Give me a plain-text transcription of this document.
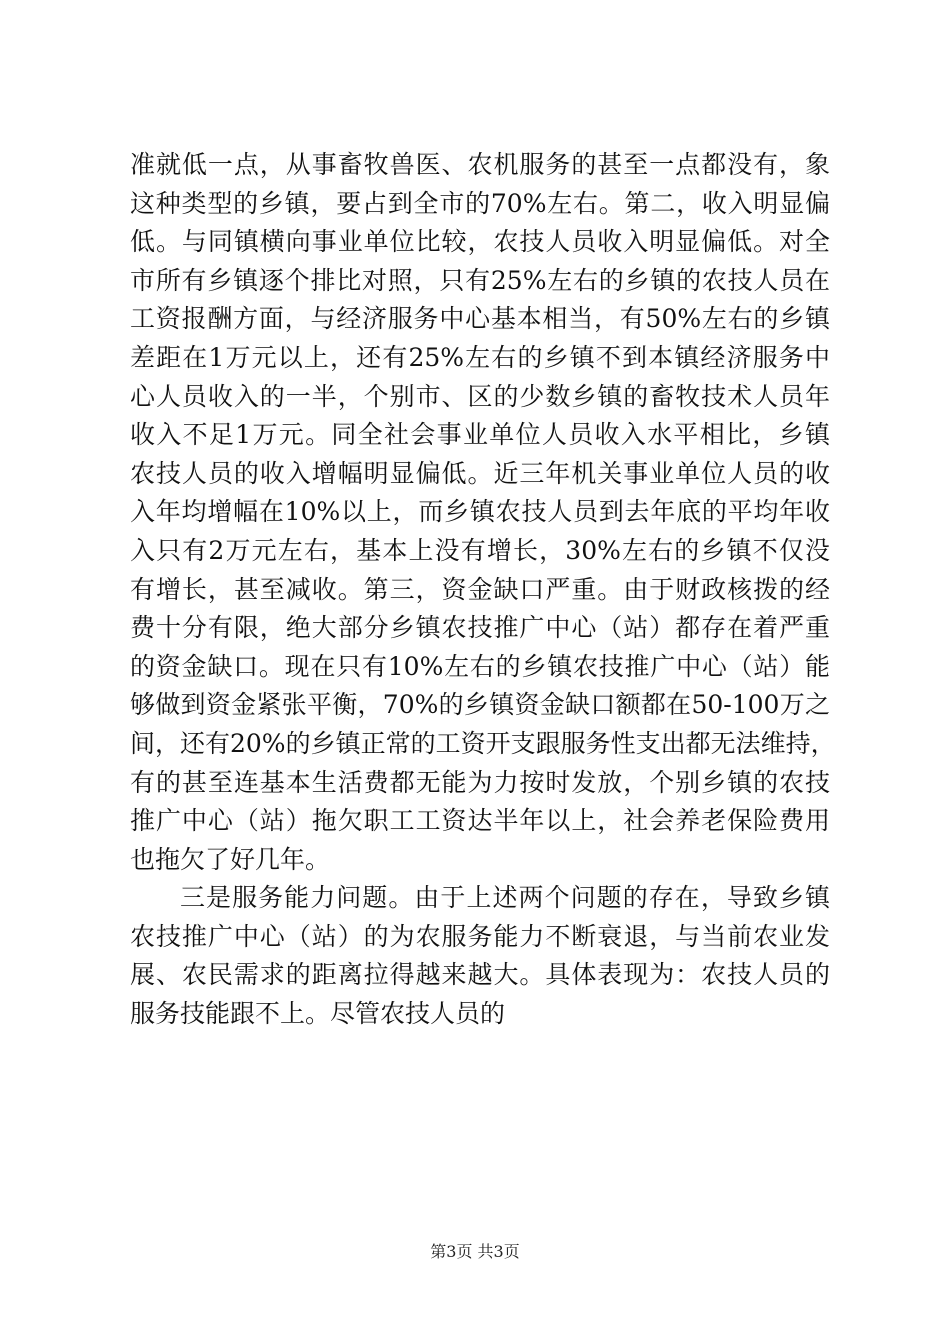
准就低一点，从事畜牧兽医、农机服务的甚至一点都没有，象
这种类型的乡镇，要占到全市的70%左右。第二，收入明显偏
低。与同镇横向事业单位比较，农技人员收入明显偏低。对全
市所有乡镇逐个排比对照，只有25%左右的乡镇的农技人员在
工资报酬方面，与经济服务中心基本相当，有50%左右的乡镇
差距在1万元以上，还有25%左右的乡镇不到本镇经济服务中
心人员收入的一半，个别市、区的少数乡镇的畜牧技术人员年
收入不足1万元。同全社会事业单位人员收入水平相比，乡镇
农技人员的收入增幅明显偏低。近三年机关事业单位人员的收
入年均增幅在10%以上，而乡镇农技人员到去年底的平均年收
入只有2万元左右，基本上没有增长，30%左右的乡镇不仅没
有增长，甚至减收。第三，资金缺口严重。由于财政核拨的经
费十分有限，绝大部分乡镇农技推广中心（站）都存在着严重
的资金缺口。现在只有10%左右的乡镇农技推广中心（站）能
够做到资金紧张平衡，70%的乡镇资金缺口额都在50-100万之
间，还有20%的乡镇正常的工资开支跟服务性支出都无法维持，
有的甚至连基本生活费都无能为力按时发放，个别乡镇的农技
推广中心（站）拖欠职工工资达半年以上，社会养老保险费用
也拖欠了好几年。
三是服务能力问题。由于上述两个问题的存在，导致乡镇
农技推广中心（站）的为农服务能力不断衰退，与当前农业发
展、农民需求的距离拉得越来越大。具体表现为：农技人员的
服务技能跟不上。尽管农技人员的
第3页 共3页
